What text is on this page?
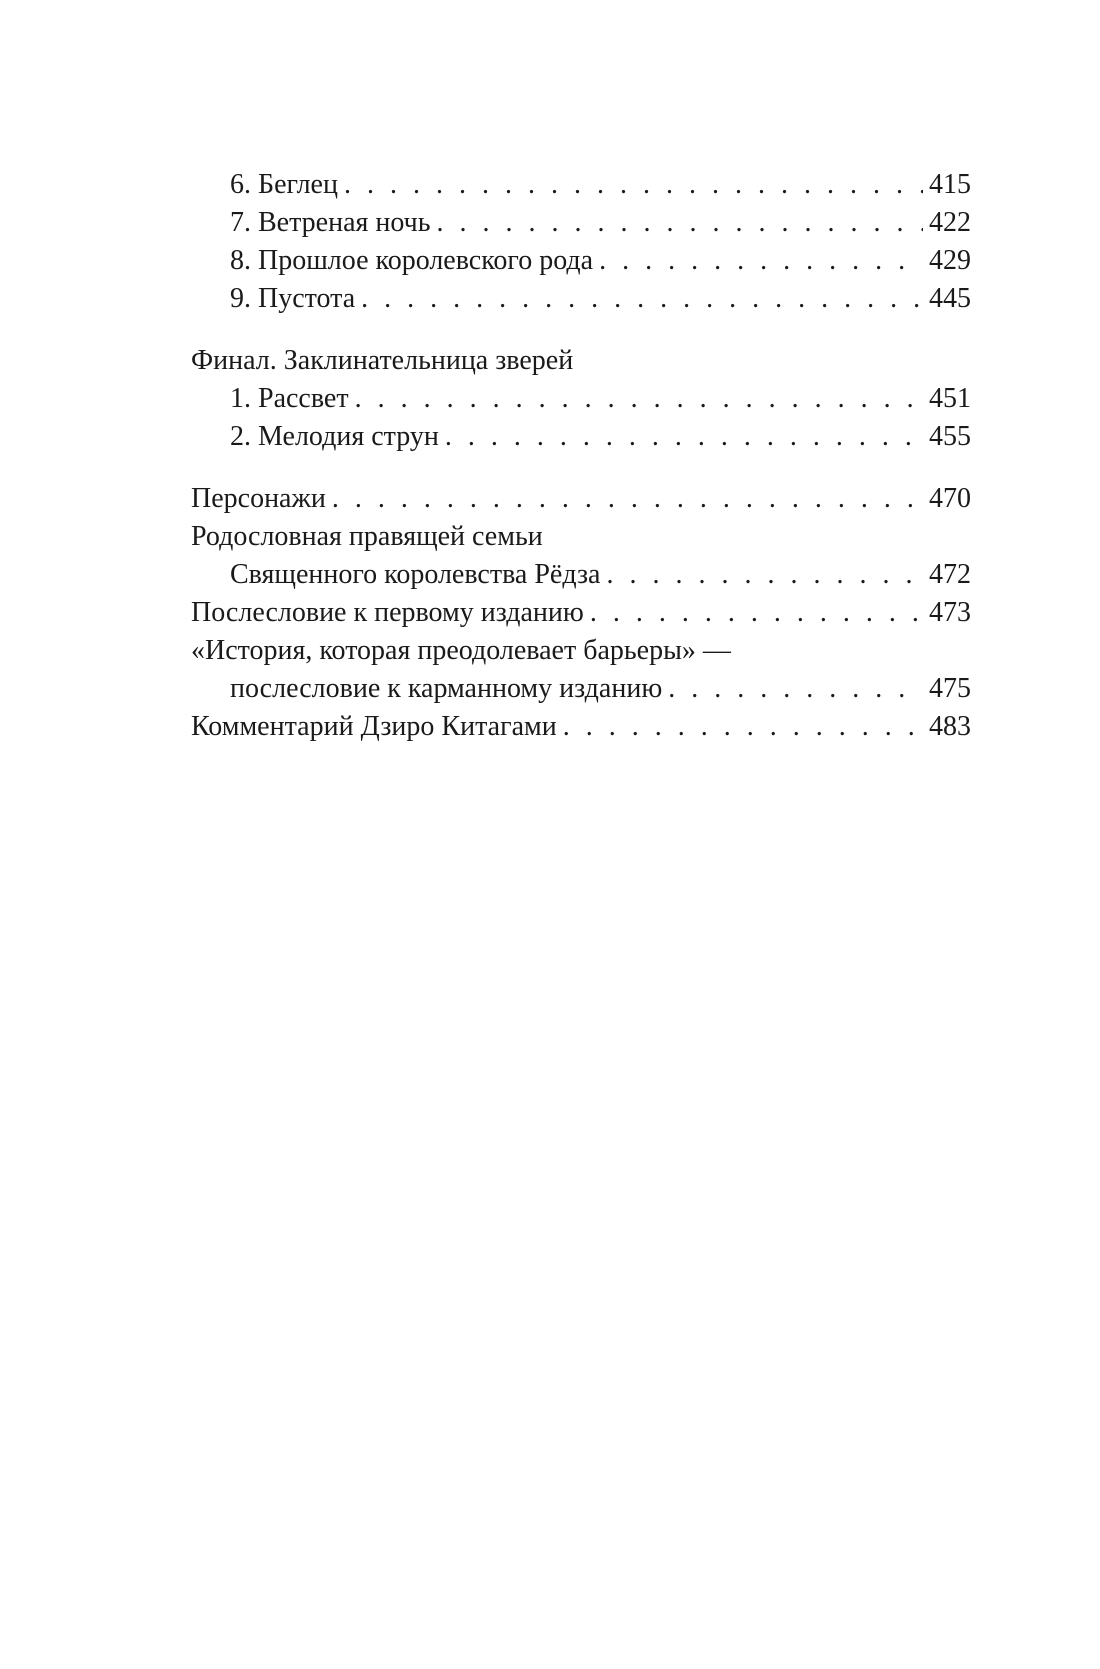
6. Беглец . . .	415
7. Ветреная ночь . . .	422
8. Прошлое королевского рода . . .	429
9. Пустота . . .	445
Финал. Заклинательница зверей
1. Рассвет . . .	451
2. Мелодия струн . . .	455
Персонажи . . .	470
Родословная правящей семьи
Священного королевства Рёдза . . .	472
Послесловие к первому изданию . . .	473
«История, которая преодолевает барьеры» —
послесловие к карманному изданию . . .	475
Комментарий Дзиро Китагами . . .	483
